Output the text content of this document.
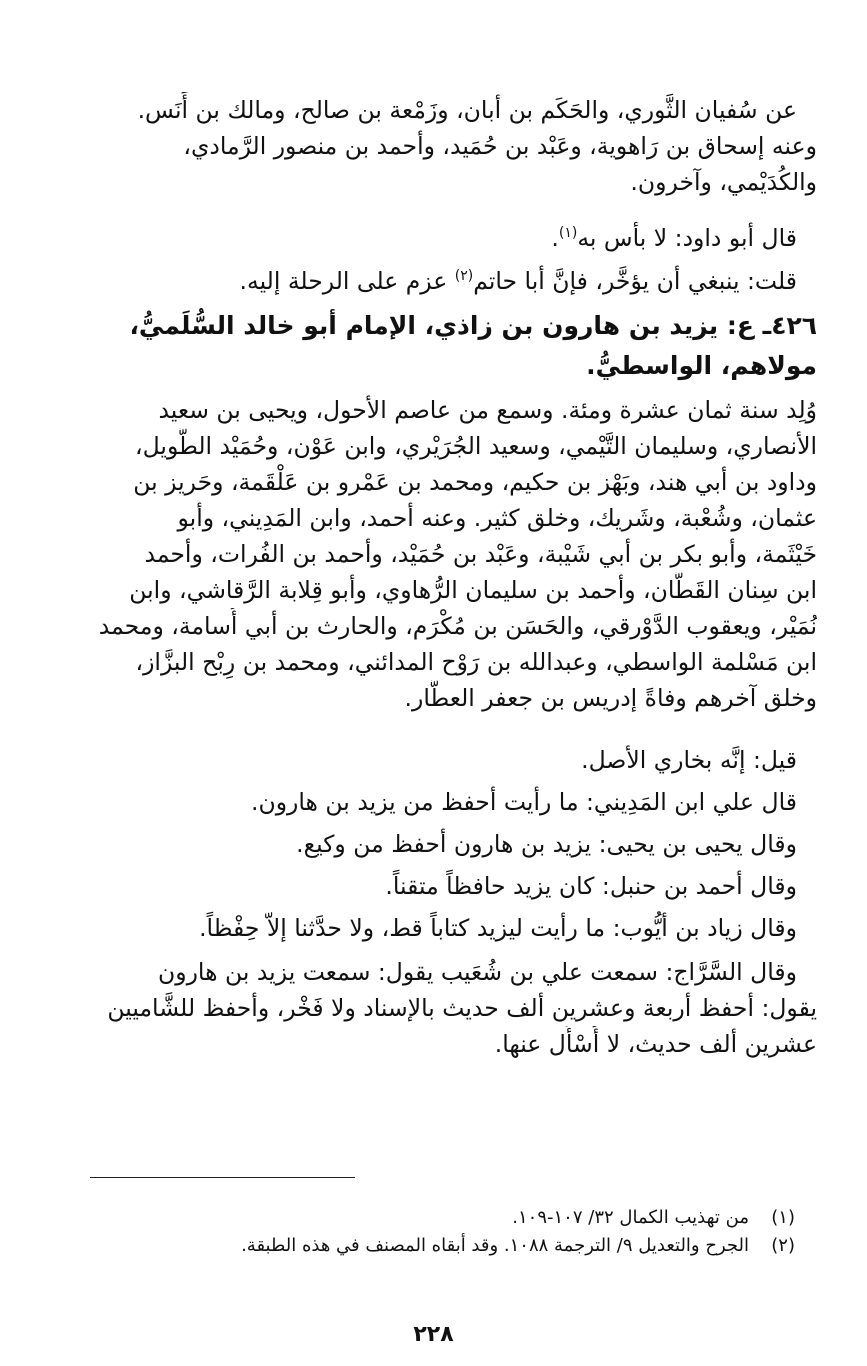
عن سُفيان الثَّوري، والحَكَم بن أبان، وزَمْعة بن صالح، ومالك بن أَنَس.
وعنه إسحاق بن رَاهوية، وعَبْد بن حُمَيد، وأحمد بن منصور الرَّمادي،
والكُدَيْمي، وآخرون.
قال أبو داود: لا بأس به$^{(١)}$.
قلت: ينبغي أن يؤخَّر، فإنَّ أبا حاتم$^{(٢)}$ عزم على الرحلة إليه.
٤٢٦ـ ع: يزيد بن هارون بن زاذي، الإمام أبو خالد السُّلَميُّ،
مولاهم، الواسطيُّ.
وُلِد سنة ثمان عشرة ومئة. وسمع من عاصم الأحول، ويحيى بن سعيد
الأنصاري، وسليمان التَّيْمي، وسعيد الجُرَيْري، وابن عَوْن، وحُمَيْد الطَّويل،
وداود بن أبي هند، وبَهْز بن حكيم، ومحمد بن عَمْرو بن عَلْقَمة، وحَريز بن
عثمان، وشُعْبة، وشَريك، وخلق كثير. وعنه أحمد، وابن المَدِيني، وأبو
خَيْثَمة، وأبو بكر بن أبي شَيْبة، وعَبْد بن حُمَيْد، وأحمد بن الفُرات، وأحمد
ابن سِنان القَطَّان، وأحمد بن سليمان الرُّهاوي، وأبو قِلابة الرَّقاشي، وابن
نُمَيْر، ويعقوب الدَّوْرقي، والحَسَن بن مُكْرَم، والحارث بن أبي أُسامة، ومحمد
ابن مَسْلمة الواسطي، وعبدالله بن رَوْح المدائني، ومحمد بن رِبْح البزَّاز،
وخلق آخرهم وفاةً إدريس بن جعفر العطَّار.
قيل: إنَّه بخاري الأصل.
قال علي ابن المَدِيني: ما رأيت أحفظ من يزيد بن هارون.
وقال يحيى بن يحيى: يزيد بن هارون أحفظ من وكيع.
وقال أحمد بن حنبل: كان يزيد حافظاً متقناً.
وقال زياد بن أيُّوب: ما رأيت ليزيد كتاباً قط، ولا حدَّثنا إلاّ حِفْظاً.
وقال السَّرَّاج: سمعت علي بن شُعَيب يقول: سمعت يزيد بن هارون
يقول: أحفظ أربعة وعشرين ألف حديث بالإسناد ولا فَخْر، وأحفظ للشَّاميين
عشرين ألف حديث، لا أُسْأَل عنها.
(١)من تهذيب الكمال ٣٢/ ١٠٧-١٠٩.
(٢)الجرح والتعديل ٩/ الترجمة ١٠٨٨. وقد أبقاه المصنف في هذه الطبقة.
٢٢٨
